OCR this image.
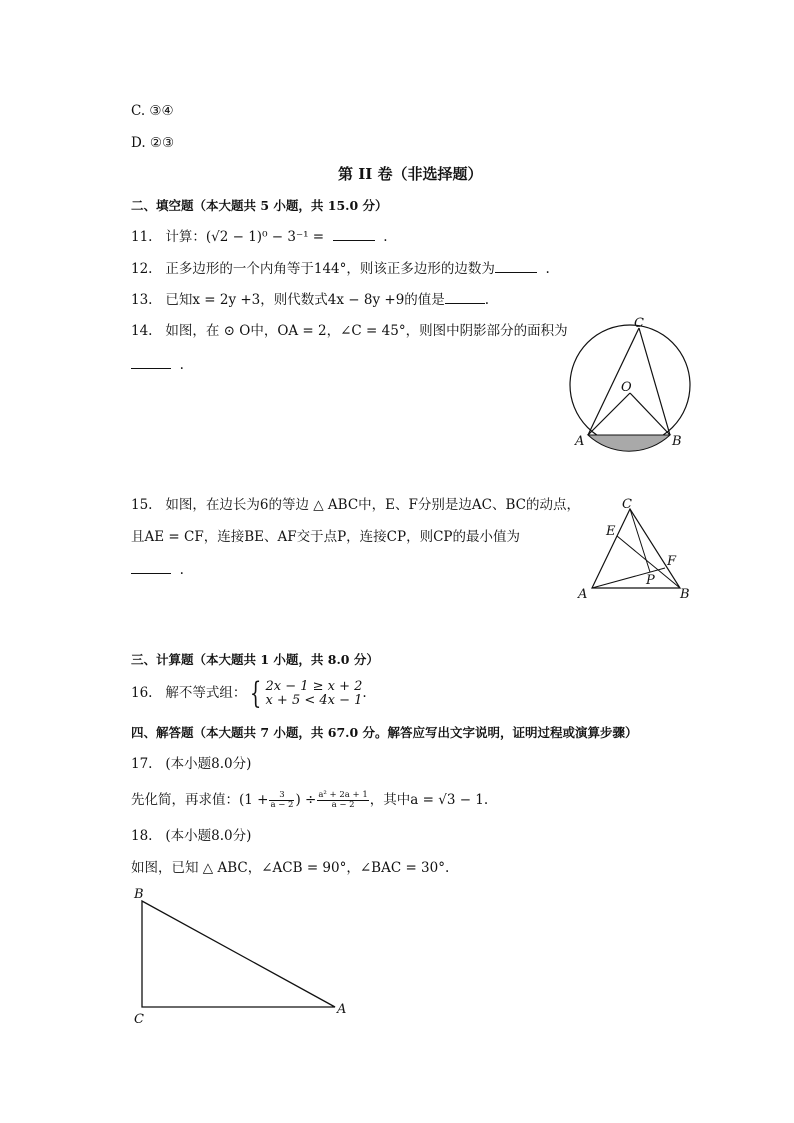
C. ③④
D. ②③
第 II 卷（非选择题）
二、填空题（本大题共 5 小题，共 15.0 分）
11. 计算：(√2 − 1)⁰ − 3⁻¹ =	.
12. 正多边形的一个内角等于144°，则该正多边形的边数为	.
13. 已知x = 2y +3，则代数式4x − 8y +9的值是	.
14. 如图，在 ⊙ O中，OA = 2，∠C = 45°，则图中阴影部分的面积为
.
C
O
A	B
15. 如图，在边长为6的等边 △ ABC中，E、F分别是边AC、BC的动点，
且AE = CF，连接BE、AF交于点P，连接CP，则CP的最小值为
.
C
E
F
P
A	B
三、计算题（本大题共 1 小题，共 8.0 分）
16. 解不等式组： { 2x − 1 ≥ x + 2
x + 5 < 4x − 1 .
四、解答题（本大题共 7 小题，共 67.0 分。解答应写出文字说明，证明过程或演算步骤）
17. (本小题8.0分)
先化简，再求值：($1 + \frac{3}{a - 2}$ ) ÷ $\frac{\text{a² + 2a + 1}}{a - 2}$ ，其中a = √3 − 1.
18. (本小题8.0分)
如图，已知 △ ABC，∠ACB = 90°，∠BAC = 30°.
B
C
A
